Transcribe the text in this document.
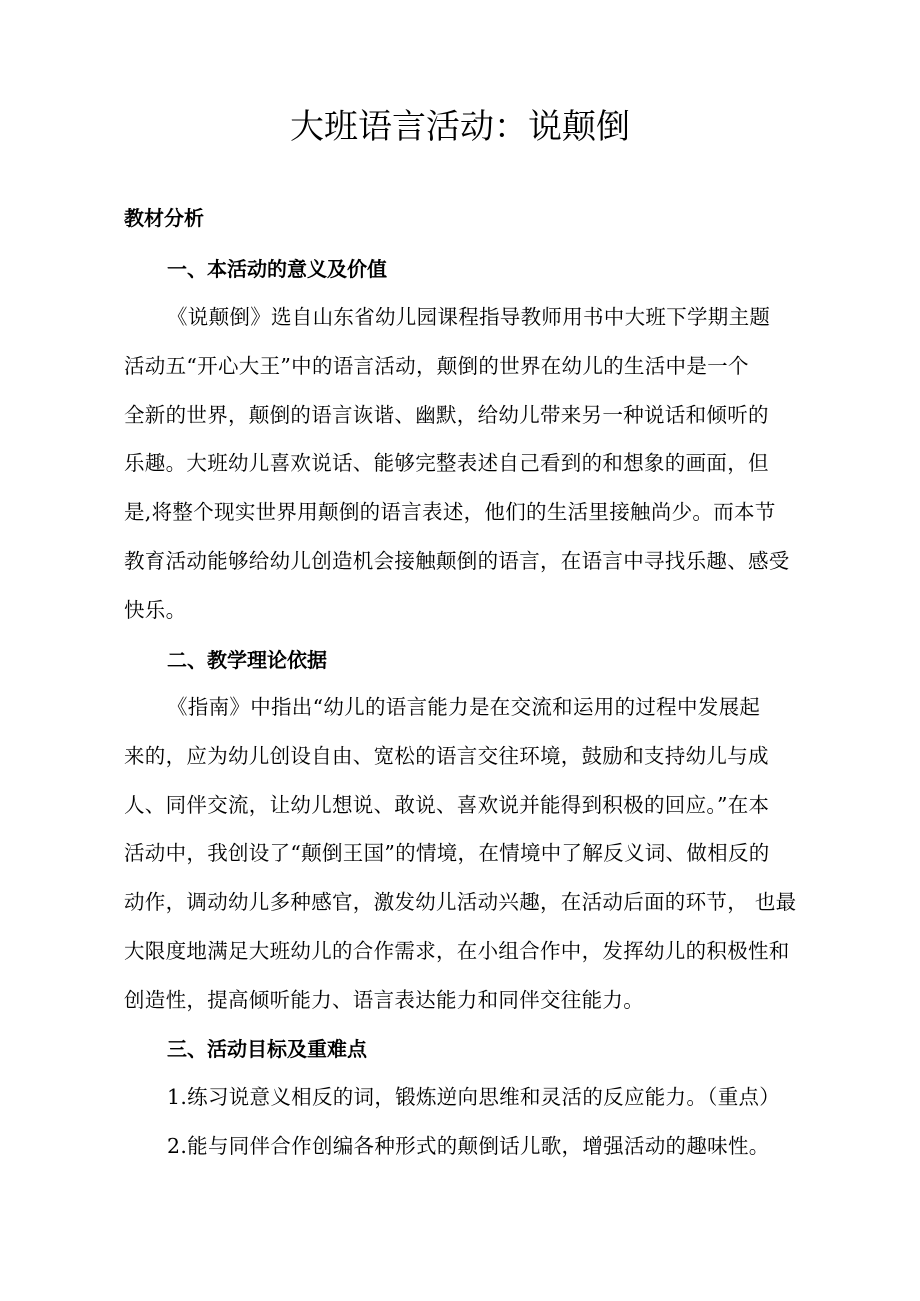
大班语言活动：说颠倒
教材分析
一、本活动的意义及价值
《说颠倒》选自山东省幼儿园课程指导教师用书中大班下学期主题
活动五“开心大王”中的语言活动，颠倒的世界在幼儿的生活中是一个
全新的世界，颠倒的语言诙谐、幽默，给幼儿带来另一种说话和倾听的
乐趣。大班幼儿喜欢说话、能够完整表述自己看到的和想象的画面，但
是,将整个现实世界用颠倒的语言表述，他们的生活里接触尚少。而本节
教育活动能够给幼儿创造机会接触颠倒的语言，在语言中寻找乐趣、感受
快乐。
二、教学理论依据
《指南》中指出“幼儿的语言能力是在交流和运用的过程中发展起
来的，应为幼儿创设自由、宽松的语言交往环境，鼓励和支持幼儿与成
人、同伴交流，让幼儿想说、敢说、喜欢说并能得到积极的回应。”在本
活动中，我创设了“颠倒王国”的情境，在情境中了解反义词、做相反的
动作，调动幼儿多种感官，激发幼儿活动兴趣，在活动后面的环节， 也最
大限度地满足大班幼儿的合作需求，在小组合作中，发挥幼儿的积极性和
创造性，提高倾听能力、语言表达能力和同伴交往能力。
三、活动目标及重难点

1.练习说意义相反的词，锻炼逆向思维和灵活的反应能力。（重点）

2.能与同伴合作创编各种形式的颠倒话儿歌，增强活动的趣味性。
